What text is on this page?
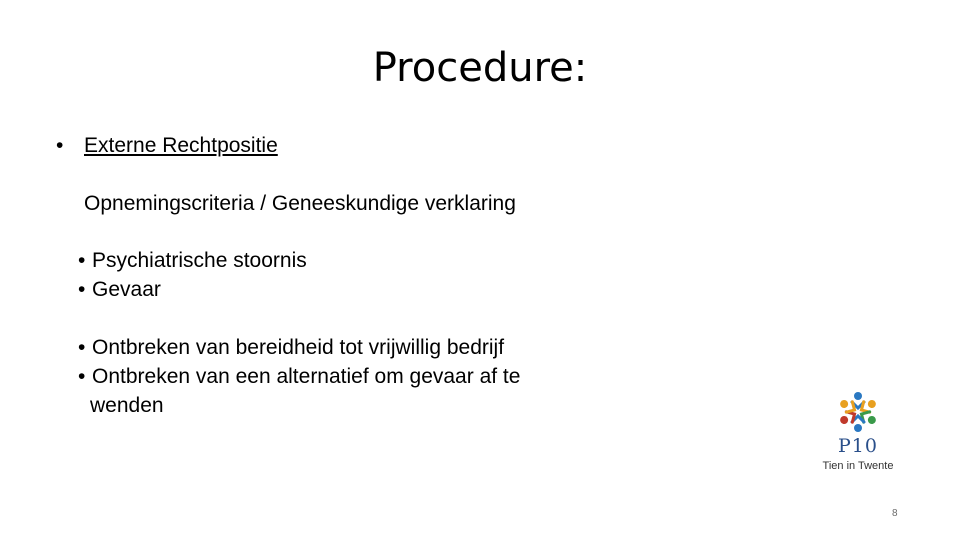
Procedure:
• Externe Rechtpositie
Opnemingscriteria / Geneeskundige verklaring
• Psychiatrische stoornis
• Gevaar
• Ontbreken van bereidheid tot vrijwillig bedrijf
• Ontbreken van een alternatief om gevaar af te
wenden
P10
Tien in Twente
8
